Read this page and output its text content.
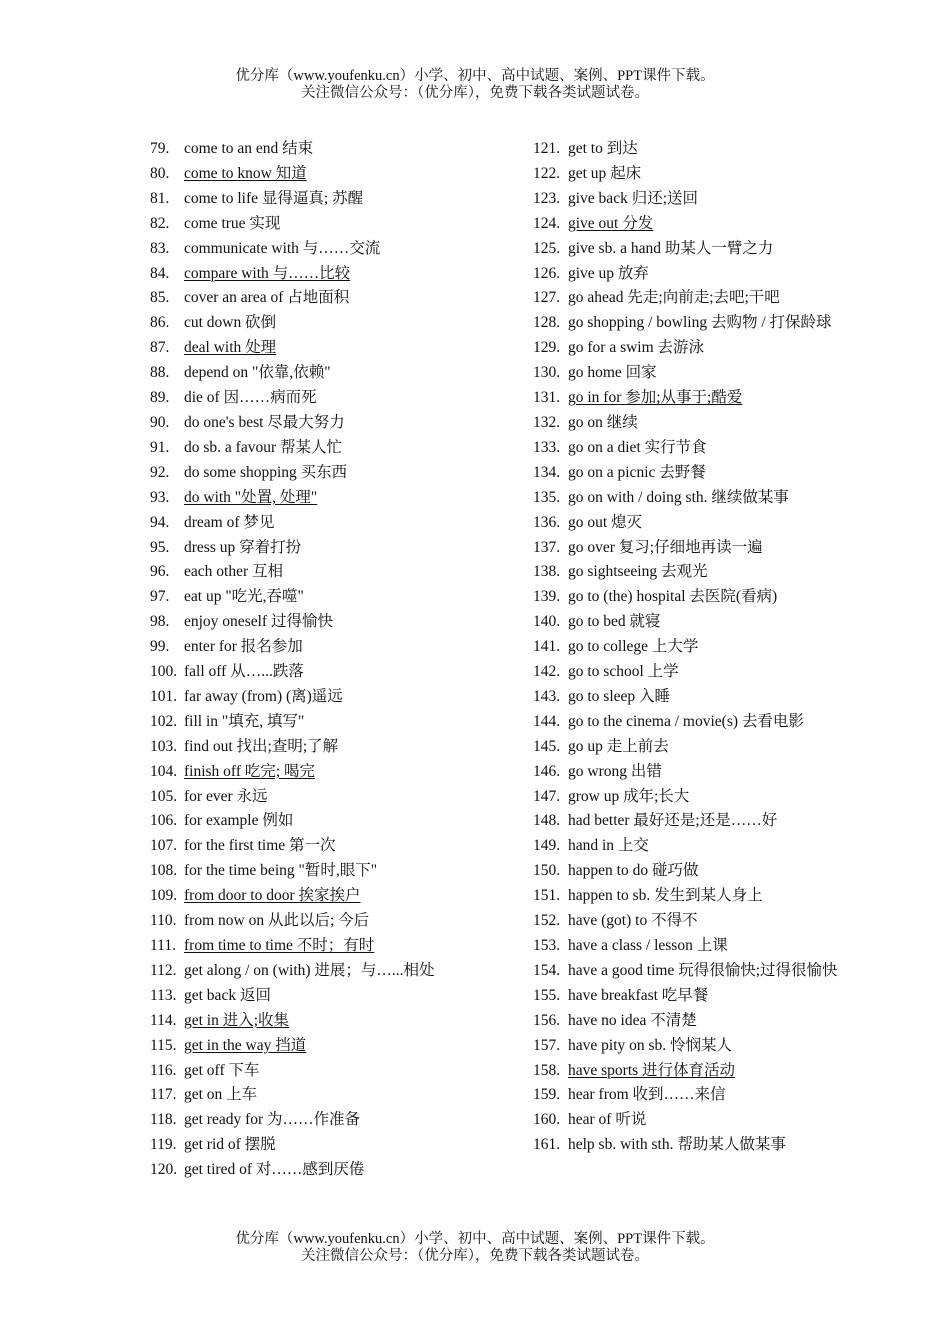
优分库（www.youfenku.cn）小学、初中、高中试题、案例、PPT课件下载。
关注微信公众号：（优分库），免费下载各类试题试卷。
79. come to an end 结束
80. come to know 知道
81. come to life 显得逼真; 苏醒
82. come true 实现
83. communicate with 与……交流
84. compare with 与……比较
85. cover an area of 占地面积
86. cut down 砍倒
87. deal with 处理
88. depend on "依靠,依赖"
89. die of 因……病而死
90. do one's best 尽最大努力
91. do sb. a favour 帮某人忙
92. do some shopping 买东西
93. do with "处置, 处理"
94. dream of 梦见
95. dress up 穿着打扮
96. each other 互相
97. eat up "吃光,吞噬"
98. enjoy oneself 过得愉快
99. enter for 报名参加
100. fall off 从…...跌落
101. far away (from) (离)遥远
102. fill in "填充, 填写"
103. find out 找出;查明;了解
104. finish off 吃完; 喝完
105. for ever 永远
106. for example 例如
107. for the first time 第一次
108. for the time being "暂时,眼下"
109. from door to door 挨家挨户
110. from now on 从此以后; 今后
111. from time to time 不时；有时
112. get along / on (with) 进展；与…...相处
113. get back 返回
114. get in 进入;收集
115. get in the way 挡道
116. get off 下车
117. get on 上车
118. get ready for 为……作准备
119. get rid of 摆脱
120. get tired of 对……感到厌倦
121. get to 到达
122. get up 起床
123. give back 归还;送回
124. give out 分发
125. give sb. a hand 助某人一臂之力
126. give up 放弃
127. go ahead 先走;向前走;去吧;干吧
128. go shopping / bowling 去购物 / 打保龄球
129. go for a swim 去游泳
130. go home 回家
131. go in for 参加;从事于;酷爱
132. go on 继续
133. go on a diet 实行节食
134. go on a picnic 去野餐
135. go on with / doing sth. 继续做某事
136. go out 熄灭
137. go over 复习;仔细地再读一遍
138. go sightseeing 去观光
139. go to (the) hospital 去医院(看病)
140. go to bed 就寝
141. go to college 上大学
142. go to school 上学
143. go to sleep 入睡
144. go to the cinema / movie(s) 去看电影
145. go up 走上前去
146. go wrong 出错
147. grow up 成年;长大
148. had better 最好还是;还是……好
149. hand in 上交
150. happen to do 碰巧做
151. happen to sb. 发生到某人身上
152. have (got) to 不得不
153. have a class / lesson 上课
154. have a good time 玩得很愉快;过得很愉快
155. have breakfast 吃早餐
156. have no idea 不清楚
157. have pity on sb. 怜悯某人
158. have sports 进行体育活动
159. hear from 收到……来信
160. hear of 听说
161. help sb. with sth. 帮助某人做某事
优分库（www.youfenku.cn）小学、初中、高中试题、案例、PPT课件下载。
关注微信公众号：（优分库），免费下载各类试题试卷。
